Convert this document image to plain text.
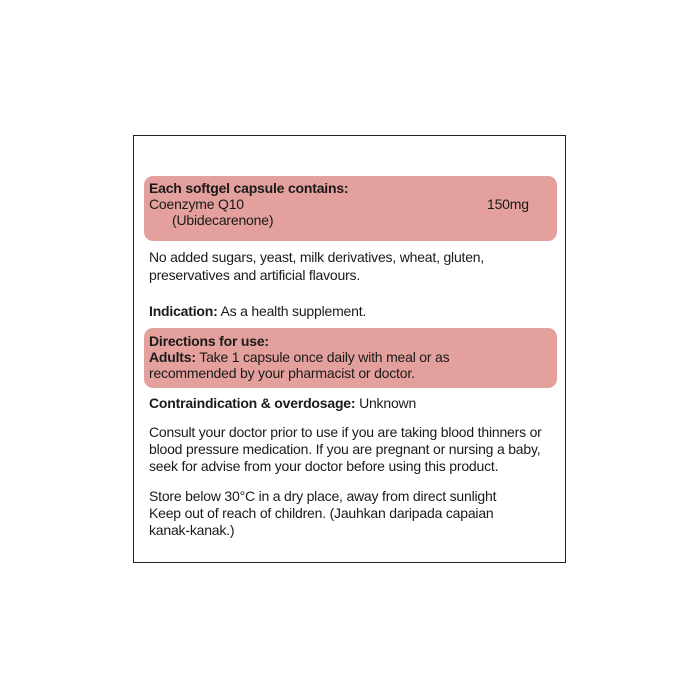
Each softgel capsule contains:
Coenzyme Q10	150mg
(Ubidecarenone)
No added sugars, yeast, milk derivatives, wheat, gluten,
preservatives and artificial flavours.
Indication: As a health supplement.
Directions for use:
Adults: Take 1 capsule once daily with meal or as
recommended by your pharmacist or doctor.
Contraindication & overdosage: Unknown
Consult your doctor prior to use if you are taking blood thinners or
blood pressure medication. If you are pregnant or nursing a baby,
seek for advise from your doctor before using this product.
Store below 30°C in a dry place, away from direct sunlight
Keep out of reach of children. (Jauhkan daripada capaian
kanak-kanak.)
